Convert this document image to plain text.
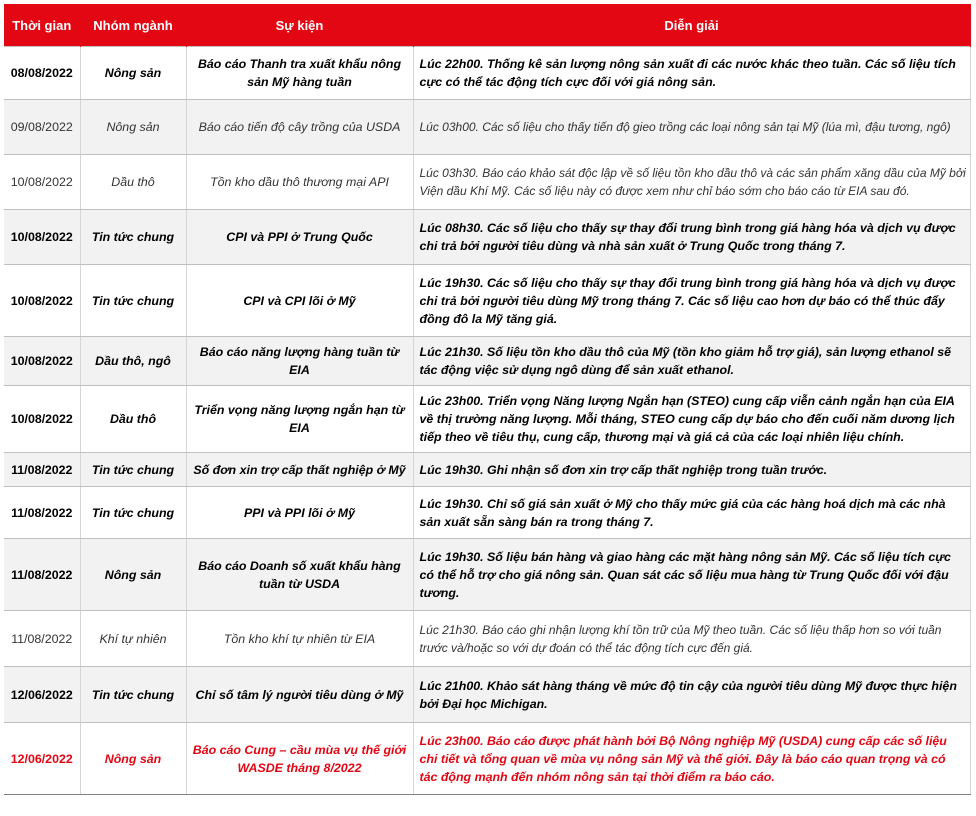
Thời gian	Nhóm ngành	Sự kiện	Diễn giải
08/08/2022	Nông sản	Báo cáo Thanh tra xuất khẩu nông sản Mỹ hàng tuần	Lúc 22h00. Thống kê sản lượng nông sản xuất đi các nước khác theo tuần. Các số liệu tích cực có thể tác động tích cực đối với giá nông sản.
09/08/2022	Nông sản	Báo cáo tiến độ cây trồng của USDA	Lúc 03h00. Các số liệu cho thấy tiến độ gieo trồng các loại nông sản tại Mỹ (lúa mì, đậu tương, ngô)
10/08/2022	Dầu thô	Tồn kho dầu thô thương mại API	Lúc 03h30. Báo cáo khảo sát độc lập về số liệu tồn kho dầu thô và các sản phẩm xăng dầu của Mỹ bởi Viện dầu Khí Mỹ. Các số liệu này có được xem như chỉ báo sớm cho báo cáo từ EIA sau đó.
10/08/2022	Tin tức chung	CPI và PPI ở Trung Quốc	Lúc 08h30. Các số liệu cho thấy sự thay đổi trung bình trong giá hàng hóa và dịch vụ được chi trả bởi người tiêu dùng và nhà sản xuất ở Trung Quốc trong tháng 7.
10/08/2022	Tin tức chung	CPI và CPI lõi ở Mỹ	Lúc 19h30. Các số liệu cho thấy sự thay đổi trung bình trong giá hàng hóa và dịch vụ được chi trả bởi người tiêu dùng Mỹ trong tháng 7. Các số liệu cao hơn dự báo có thể thúc đẩy đồng đô la Mỹ tăng giá.
10/08/2022	Dầu thô, ngô	Báo cáo năng lượng hàng tuần từ EIA	Lúc 21h30. Số liệu tồn kho dầu thô của Mỹ (tồn kho giảm hỗ trợ giá), sản lượng ethanol sẽ tác động việc sử dụng ngô dùng để sản xuất ethanol.
10/08/2022	Dầu thô	Triển vọng năng lượng ngắn hạn từ EIA	Lúc 23h00. Triển vọng Năng lượng Ngắn hạn (STEO) cung cấp viễn cảnh ngắn hạn của EIA về thị trường năng lượng. Mỗi tháng, STEO cung cấp dự báo cho đến cuối năm dương lịch tiếp theo về tiêu thụ, cung cấp, thương mại và giá cả của các loại nhiên liệu chính.
11/08/2022	Tin tức chung	Số đơn xin trợ cấp thất nghiệp ở Mỹ	Lúc 19h30. Ghi nhận số đơn xin trợ cấp thất nghiệp trong tuần trước.
11/08/2022	Tin tức chung	PPI và PPI lõi ở Mỹ	Lúc 19h30. Chỉ số giá sản xuất ở Mỹ cho thấy mức giá của các hàng hoá dịch mà các nhà sản xuất sẵn sàng bán ra trong tháng 7.
11/08/2022	Nông sản	Báo cáo Doanh số xuất khẩu hàng tuần từ USDA	Lúc 19h30. Số liệu bán hàng và giao hàng các mặt hàng nông sản Mỹ. Các số liệu tích cực có thể hỗ trợ cho giá nông sản. Quan sát các số liệu mua hàng từ Trung Quốc đối với đậu tương.
11/08/2022	Khí tự nhiên	Tồn kho khí tự nhiên từ EIA	Lúc 21h30. Báo cáo ghi nhận lượng khí tồn trữ của Mỹ theo tuần. Các số liệu thấp hơn so với tuần trước và/hoặc so với dự đoán có thể tác động tích cực đến giá.
12/06/2022	Tin tức chung	Chỉ số tâm lý người tiêu dùng ở Mỹ	Lúc 21h00. Khảo sát hàng tháng về mức độ tin cậy của người tiêu dùng Mỹ được thực hiện bởi Đại học Michigan.
12/06/2022	Nông sản	Báo cáo Cung – cầu mùa vụ thế giới WASDE tháng 8/2022	Lúc 23h00. Báo cáo được phát hành bởi Bộ Nông nghiệp Mỹ (USDA) cung cấp các số liệu chi tiết và tổng quan về mùa vụ nông sản Mỹ và thế giới. Đây là báo cáo quan trọng và có tác động mạnh đến nhóm nông sản tại thời điểm ra báo cáo.
